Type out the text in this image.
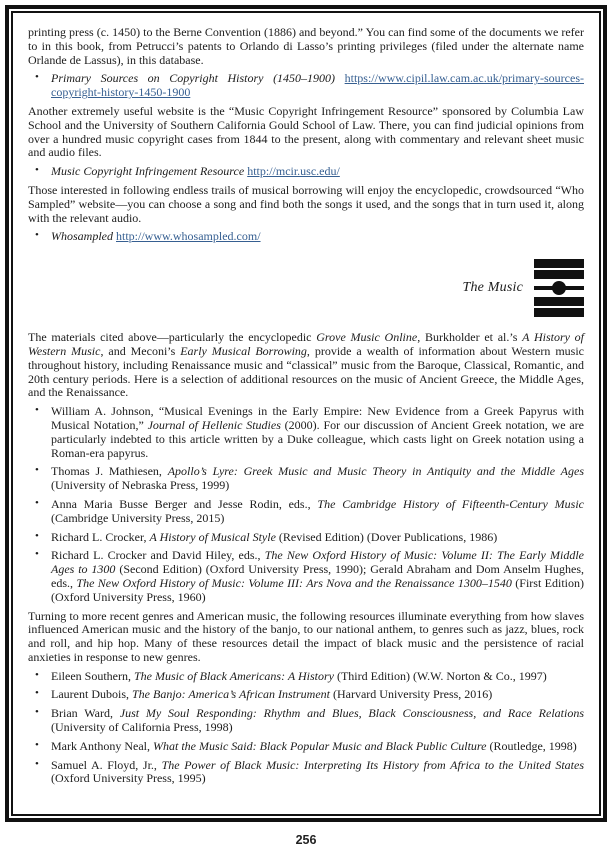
printing press (c. 1450) to the Berne Convention (1886) and beyond.” You can find some of the documents we refer to in this book, from Petrucci’s patents to Orlando di Lasso’s printing privileges (filed under the alternate name Orlande de Lassus), in this database.

• Primary Sources on Copyright History (1450–1900) https://www.cipil.law.cam.ac.uk/primary-sources-copyright-history-1450-1900

Another extremely useful website is the “Music Copyright Infringement Resource” sponsored by Columbia Law School and the University of Southern California Gould School of Law. There, you can find judicial opinions from over a hundred music copyright cases from 1844 to the present, along with commentary and relevant sheet music and audio files.

• Music Copyright Infringement Resource http://mcir.usc.edu/

Those interested in following endless trails of musical borrowing will enjoy the encyclopedic, crowdsourced “Who Sampled” website—you can choose a song and find both the songs it used, and the songs that in turn used it, along with the relevant audio.

• Whosampled http://www.whosampled.com/
The Music

The materials cited above—particularly the encyclopedic Grove Music Online, Burkholder et al.’s A History of Western Music, and Meconi’s Early Musical Borrowing, provide a wealth of information about Western music throughout history, including Renaissance music and “classical” music from the Baroque, Classical, Romantic, and 20th century periods. Here is a selection of additional resources on the music of Ancient Greece, the Middle Ages, and the Renaissance.

• William A. Johnson, “Musical Evenings in the Early Empire: New Evidence from a Greek Papyrus with Musical Notation,” Journal of Hellenic Studies (2000). For our discussion of Ancient Greek notation, we are particularly indebted to this article written by a Duke colleague, which casts light on Greek notation using a Roman-era papyrus.
• Thomas J. Mathiesen, Apollo’s Lyre: Greek Music and Music Theory in Antiquity and the Middle Ages (University of Nebraska Press, 1999)
• Anna Maria Busse Berger and Jesse Rodin, eds., The Cambridge History of Fifteenth-Century Music (Cambridge University Press, 2015)
• Richard L. Crocker, A History of Musical Style (Revised Edition) (Dover Publications, 1986)
• Richard L. Crocker and David Hiley, eds., The New Oxford History of Music: Volume II: The Early Middle Ages to 1300 (Second Edition) (Oxford University Press, 1990); Gerald Abraham and Dom Anselm Hughes, eds., The New Oxford History of Music: Volume III: Ars Nova and the Renaissance 1300–1540 (First Edition) (Oxford University Press, 1960)

Turning to more recent genres and American music, the following resources illuminate everything from how slaves influenced American music and the history of the banjo, to our national anthem, to genres such as jazz, blues, rock and roll, and hip hop. Many of these resources detail the impact of black music and the persistence of racial anxieties in response to new genres.

• Eileen Southern, The Music of Black Americans: A History (Third Edition) (W.W. Norton & Co., 1997)
• Laurent Dubois, The Banjo: America’s African Instrument (Harvard University Press, 2016)
• Brian Ward, Just My Soul Responding: Rhythm and Blues, Black Consciousness, and Race Relations (University of California Press, 1998)
• Mark Anthony Neal, What the Music Said: Black Popular Music and Black Public Culture (Routledge, 1998)
• Samuel A. Floyd, Jr., The Power of Black Music: Interpreting Its History from Africa to the United States (Oxford University Press, 1995)
256
